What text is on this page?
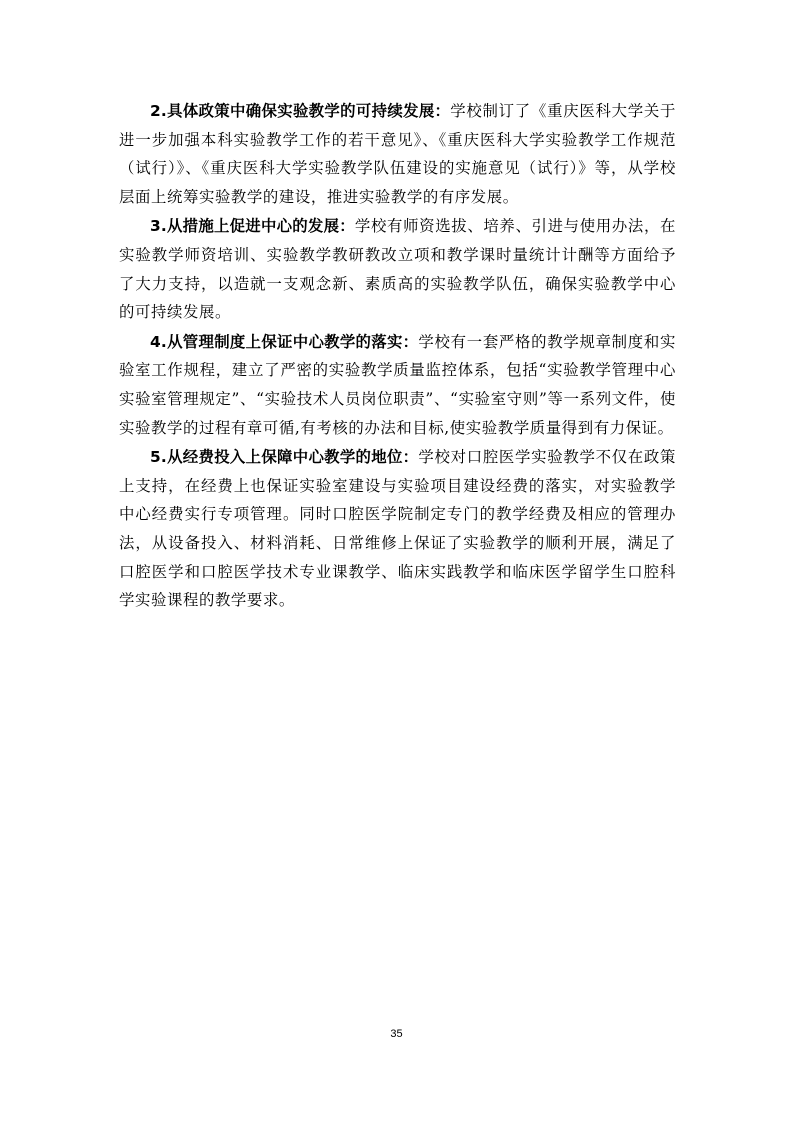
2.具体政策中确保实验教学的可持续发展：学校制订了《重庆医科大学关于进一步加强本科实验教学工作的若干意见》、《重庆医科大学实验教学工作规范（试行）》、《重庆医科大学实验教学队伍建设的实施意见（试行）》等，从学校层面上统筹实验教学的建设，推进实验教学的有序发展。

3.从措施上促进中心的发展：学校有师资选拔、培养、引进与使用办法，在实验教学师资培训、实验教学教研教改立项和教学课时量统计计酬等方面给予了大力支持，以造就一支观念新、素质高的实验教学队伍，确保实验教学中心的可持续发展。

4.从管理制度上保证中心教学的落实：学校有一套严格的教学规章制度和实验室工作规程，建立了严密的实验教学质量监控体系，包括“实验教学管理中心实验室管理规定”、“实验技术人员岗位职责”、“实验室守则”等一系列文件，使实验教学的过程有章可循,有考核的办法和目标,使实验教学质量得到有力保证。

5.从经费投入上保障中心教学的地位：学校对口腔医学实验教学不仅在政策上支持，在经费上也保证实验室建设与实验项目建设经费的落实，对实验教学中心经费实行专项管理。同时口腔医学院制定专门的教学经费及相应的管理办法，从设备投入、材料消耗、日常维修上保证了实验教学的顺利开展，满足了口腔医学和口腔医学技术专业课教学、临床实践教学和临床医学留学生口腔科学实验课程的教学要求。

35
